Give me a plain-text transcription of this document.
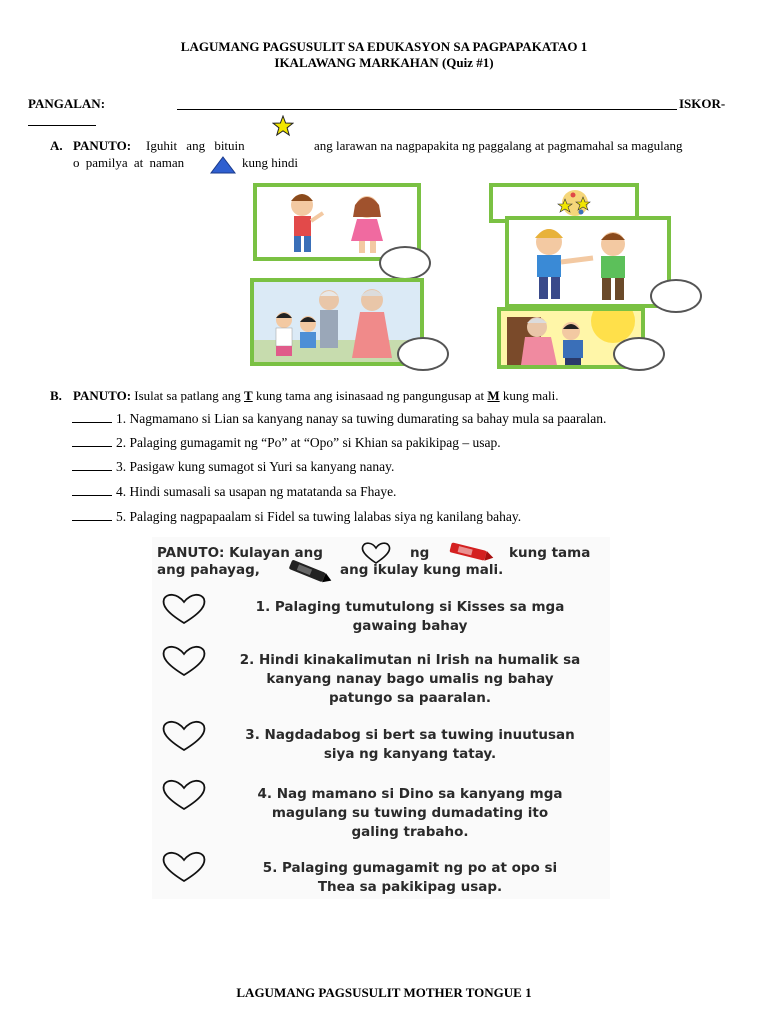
LAGUMANG PAGSUSULIT SA EDUKASYON SA PAGPAPAKATAO 1
IKALAWANG MARKAHAN (Quiz #1)
PANGALAN:	ISKOR-
A. PANUTO: Iguhit ang bituin	ang larawan na nagpapakita ng paggalang at pagmamahal sa magulang
o pamilya at naman	kung hindi
B. PANUTO: Isulat sa patlang ang T kung tama ang isinasaad ng pangungusap at M kung mali.
1. Nagmamano si Lian sa kanyang nanay sa tuwing dumarating sa bahay mula sa paaralan.
2. Palaging gumagamit ng “Po” at “Opo” si Khian sa pakikipag – usap.
3. Pasigaw kung sumagot si Yuri sa kanyang nanay.
4. Hindi sumasali sa usapan ng matatanda sa Fhaye.
5. Palaging nagpapaalam si Fidel sa tuwing lalabas siya ng kanilang bahay.
PANUTO: Kulayan ang	ng	kung tama
ang pahayag,	ang ikulay kung mali.
1. Palaging tumutulong si Kisses sa mga
gawaing bahay
2. Hindi kinakalimutan ni Irish na humalik sa
kanyang nanay bago umalis ng bahay
patungo sa paaralan.
3. Nagdadabog si bert sa tuwing inuutusan
siya ng kanyang tatay.
4. Nag mamano si Dino sa kanyang mga
magulang su tuwing dumadating ito
galing trabaho.
5. Palaging gumagamit ng po at opo si
Thea sa pakikipag usap.
LAGUMANG PAGSUSULIT MOTHER TONGUE 1
